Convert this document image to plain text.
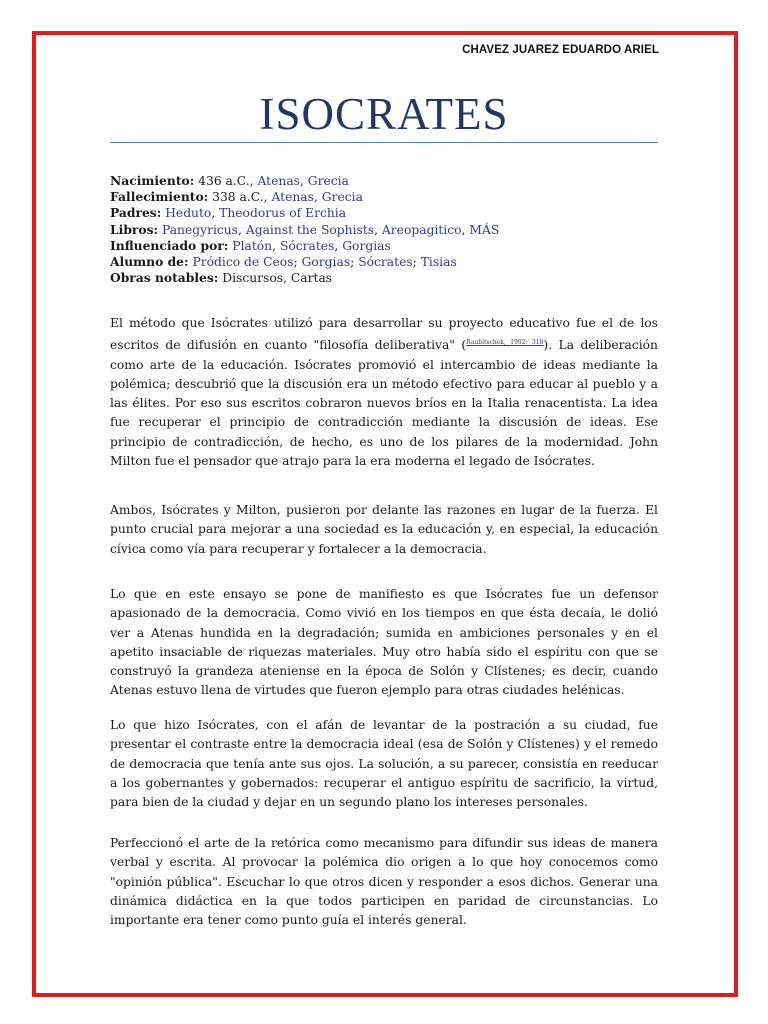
CHAVEZ JUAREZ EDUARDO ARIEL
ISOCRATES
Nacimiento: 436 a.C., Atenas, Grecia
Fallecimiento: 338 a.C., Atenas, Grecia
Padres: Heduto, Theodorus of Erchia
Libros: Panegyricus, Against the Sophists, Areopagitico, MÁS
Influenciado por: Platón, Sócrates, Gorgias
Alumno de: Pródico de Ceos; Gorgias; Sócrates; Tisias
Obras notables: Discursos, Cartas

El método que Isócrates utilizó para desarrollar su proyecto educativo fue el de los escritos de difusión en cuanto "filosofía deliberativa" ($^{Raubitschek, 1992: 318}$). La deliberación como arte de la educación. Isócrates promovió el intercambio de ideas mediante la polémica; descubrió que la discusión era un método efectivo para educar al pueblo y a las élites. Por eso sus escritos cobraron nuevos bríos en la Italia renacentista. La idea fue recuperar el principio de contradicción mediante la discusión de ideas. Ese principio de contradicción, de hecho, es uno de los pilares de la modernidad. John Milton fue el pensador que atrajo para la era moderna el legado de Isócrates.

Ambos, Isócrates y Milton, pusieron por delante las razones en lugar de la fuerza. El punto crucial para mejorar a una sociedad es la educación y, en especial, la educación cívica como vía para recuperar y fortalecer a la democracia.

Lo que en este ensayo se pone de manifiesto es que Isócrates fue un defensor apasionado de la democracia. Como vivió en los tiempos en que ésta decaía, le dolió ver a Atenas hundida en la degradación; sumida en ambiciones personales y en el apetito insaciable de riquezas materiales. Muy otro había sido el espíritu con que se construyó la grandeza ateniense en la época de Solón y Clístenes; es decir, cuando Atenas estuvo llena de virtudes que fueron ejemplo para otras ciudades helénicas.

Lo que hizo Isócrates, con el afán de levantar de la postración a su ciudad, fue presentar el contraste entre la democracia ideal (esa de Solón y Clístenes) y el remedo de democracia que tenía ante sus ojos. La solución, a su parecer, consistía en reeducar a los gobernantes y gobernados: recuperar el antiguo espíritu de sacrificio, la virtud, para bien de la ciudad y dejar en un segundo plano los intereses personales.

Perfeccionó el arte de la retórica como mecanismo para difundir sus ideas de manera verbal y escrita. Al provocar la polémica dio origen a lo que hoy conocemos como "opinión pública". Escuchar lo que otros dicen y responder a esos dichos. Generar una dinámica didáctica en la que todos participen en paridad de circunstancias. Lo importante era tener como punto guía el interés general.
